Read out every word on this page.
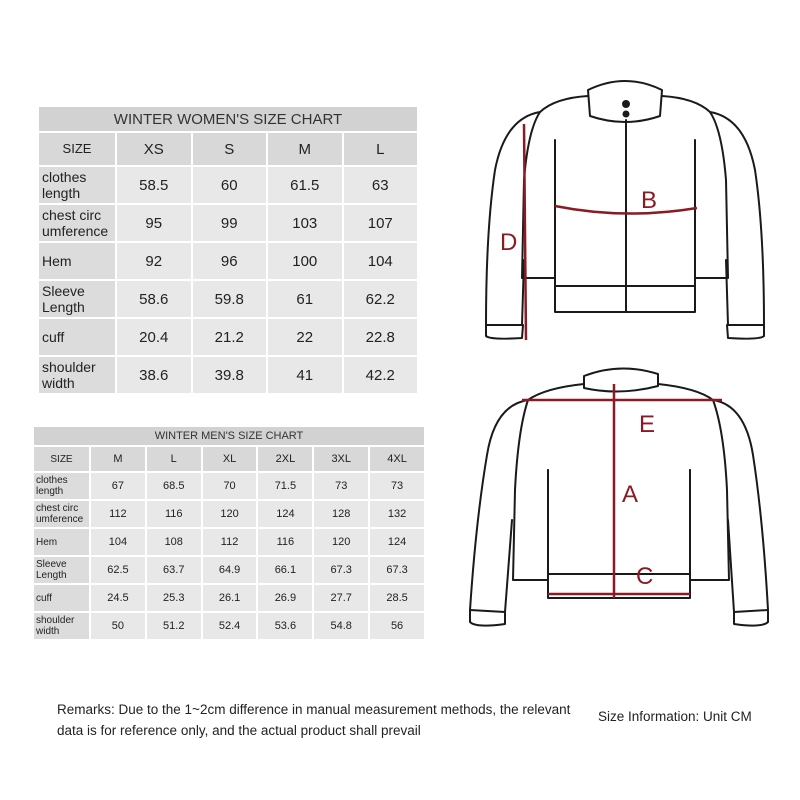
WINTER WOMEN'S SIZE CHART				
SIZE	XS	S	M	L
clothes length	58.5	60	61.5	63
chest circ umference	95	99	103	107
Hem	92	96	100	104
Sleeve Length	58.6	59.8	61	62.2
cuff	20.4	21.2	22	22.8
shoulder width	38.6	39.8	41	42.2
WINTER MEN'S SIZE CHART						
SIZE	M	L	XL	2XL	3XL	4XL
clothes length	67	68.5	70	71.5	73	73
chest circ umference	112	116	120	124	128	132
Hem	104	108	112	116	120	124
Sleeve Length	62.5	63.7	64.9	66.1	67.3	67.3
cuff	24.5	25.3	26.1	26.9	27.7	28.5
shoulder width	50	51.2	52.4	53.6	54.8	56
B
D
E
A
C
Remarks: Due to the 1~2cm difference in manual measurement methods, the relevant data is for reference only, and the actual product shall prevail
Size Information: Unit CM
